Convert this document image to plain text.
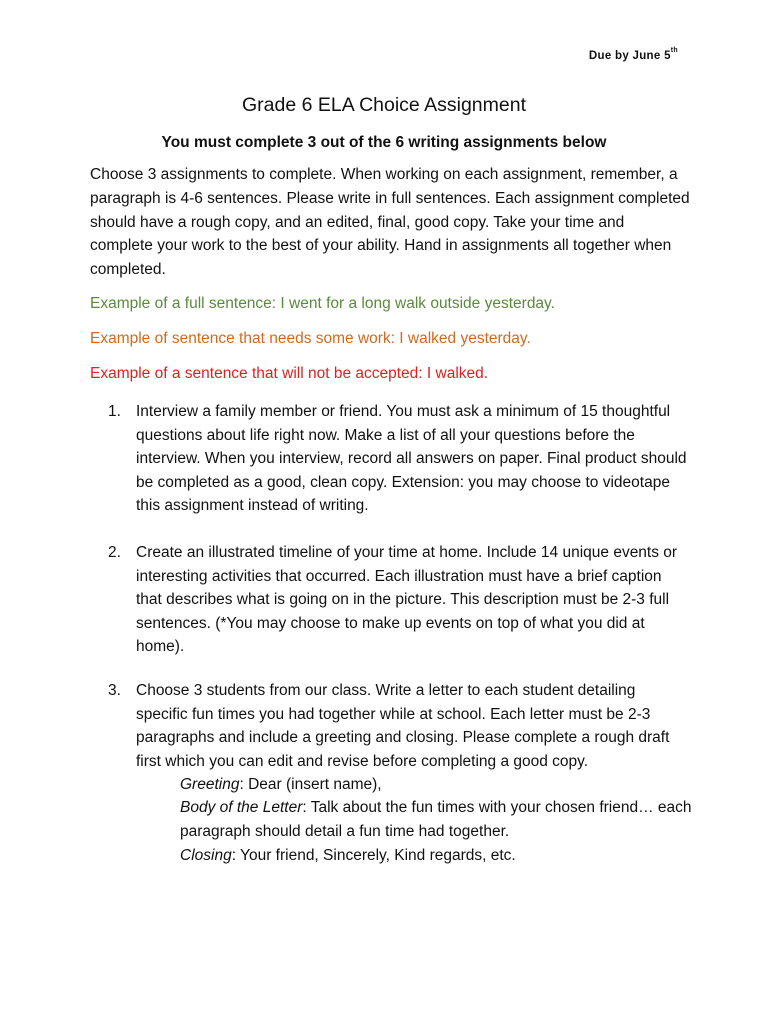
Due by June 5th
Grade 6 ELA Choice Assignment
You must complete 3 out of the 6 writing assignments below
Choose 3 assignments to complete. When working on each assignment, remember, a paragraph is 4-6 sentences. Please write in full sentences. Each assignment completed should have a rough copy, and an edited, final, good copy. Take your time and complete your work to the best of your ability. Hand in assignments all together when completed.
Example of a full sentence: I went for a long walk outside yesterday.
Example of sentence that needs some work: I walked yesterday.
Example of a sentence that will not be accepted: I walked.
1. Interview a family member or friend. You must ask a minimum of 15 thoughtful questions about life right now. Make a list of all your questions before the interview. When you interview, record all answers on paper. Final product should be completed as a good, clean copy. Extension: you may choose to videotape this assignment instead of writing.
2. Create an illustrated timeline of your time at home. Include 14 unique events or interesting activities that occurred. Each illustration must have a brief caption that describes what is going on in the picture. This description must be 2-3 full sentences. (*You may choose to make up events on top of what you did at home).
3. Choose 3 students from our class. Write a letter to each student detailing specific fun times you had together while at school. Each letter must be 2-3 paragraphs and include a greeting and closing. Please complete a rough draft first which you can edit and revise before completing a good copy.
Greeting: Dear (insert name),
Body of the Letter: Talk about the fun times with your chosen friend… each paragraph should detail a fun time had together.
Closing: Your friend, Sincerely, Kind regards, etc.
